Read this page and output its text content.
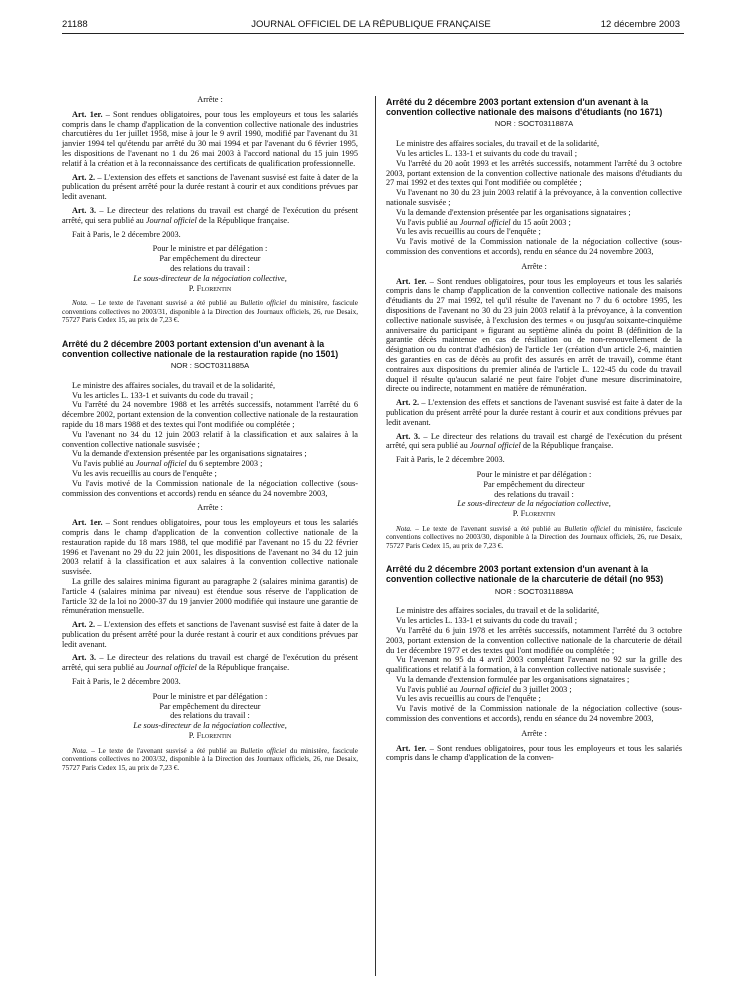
21188	JOURNAL OFFICIEL DE LA RÉPUBLIQUE FRANÇAISE	12 décembre 2003

Arrête :

Art. 1er. – Sont rendues obligatoires, pour tous les employeurs et tous les salariés compris dans le champ d'application de la convention collective nationale des industries charcutières du 1er juillet 1958, mise à jour le 9 avril 1990, modifié par l'avenant du 31 janvier 1994 tel qu'étendu par arrêté du 30 mai 1994 et par l'avenant du 6 février 1995, les dispositions de l'avenant no 1 du 26 mai 2003 à l'accord national du 15 juin 1995 relatif à la création et à la reconnaissance des certificats de qualification professionnelle.

Art. 2. – L'extension des effets et sanctions de l'avenant susvisé est faite à dater de la publication du présent arrêté pour la durée restant à courir et aux conditions prévues par ledit avenant.

Art. 3. – Le directeur des relations du travail est chargé de l'exécution du présent arrêté, qui sera publié au Journal officiel de la République française.

Fait à Paris, le 2 décembre 2003.

Pour le ministre et par délégation :

Par empêchement du directeur

des relations du travail :

Le sous-directeur de la négociation collective,

P. Florentin

Nota. – Le texte de l'avenant susvisé a été publié au Bulletin officiel du ministère, fascicule conventions collectives no 2003/31, disponible à la Direction des Journaux officiels, 26, rue Desaix, 75727 Paris Cedex 15, au prix de 7,23 €.

Arrêté du 2 décembre 2003 portant extension d'un avenant à la convention collective nationale de la restauration rapide (no 1501)

NOR : SOCT0311885A

Le ministre des affaires sociales, du travail et de la solidarité,

Vu les articles L. 133-1 et suivants du code du travail ;

Vu l'arrêté du 24 novembre 1988 et les arrêtés successifs, notamment l'arrêté du 6 décembre 2002, portant extension de la convention collective nationale de la restauration rapide du 18 mars 1988 et des textes qui l'ont modifiée ou complétée ;

Vu l'avenant no 34 du 12 juin 2003 relatif à la classification et aux salaires à la convention collective nationale susvisée ;

Vu la demande d'extension présentée par les organisations signataires ;

Vu l'avis publié au Journal officiel du 6 septembre 2003 ;

Vu les avis recueillis au cours de l'enquête ;

Vu l'avis motivé de la Commission nationale de la négociation collective (sous-commission des conventions et accords) rendu en séance du 24 novembre 2003,

Arrête :

Art. 1er. – Sont rendues obligatoires, pour tous les employeurs et tous les salariés compris dans le champ d'application de la convention collective nationale de la restauration rapide du 18 mars 1988, tel que modifié par l'avenant no 15 du 22 février 1996 et l'avenant no 29 du 22 juin 2001, les dispositions de l'avenant no 34 du 12 juin 2003 relatif à la classification et aux salaires à la convention collective nationale susvisée.

La grille des salaires minima figurant au paragraphe 2 (salaires minima garantis) de l'article 4 (salaires minima par niveau) est étendue sous réserve de l'application de l'article 32 de la loi no 2000-37 du 19 janvier 2000 modifiée qui instaure une garantie de rémunération mensuelle.

Art. 2. – L'extension des effets et sanctions de l'avenant susvisé est faite à dater de la publication du présent arrêté pour la durée restant à courir et aux conditions prévues par ledit avenant.

Art. 3. – Le directeur des relations du travail est chargé de l'exécution du présent arrêté, qui sera publié au Journal officiel de la République française.

Fait à Paris, le 2 décembre 2003.

Pour le ministre et par délégation :

Par empêchement du directeur

des relations du travail :

Le sous-directeur de la négociation collective,

P. Florentin

Nota. – Le texte de l'avenant susvisé a été publié au Bulletin officiel du ministère, fascicule conventions collectives no 2003/32, disponible à la Direction des Journaux officiels, 26, rue Desaix, 75727 Paris Cedex 15, au prix de 7,23 €.

Arrêté du 2 décembre 2003 portant extension d'un avenant à la convention collective nationale des maisons d'étudiants (no 1671)

NOR : SOCT0311887A

Le ministre des affaires sociales, du travail et de la solidarité,

Vu les articles L. 133-1 et suivants du code du travail ;

Vu l'arrêté du 20 août 1993 et les arrêtés successifs, notamment l'arrêté du 3 octobre 2003, portant extension de la convention collective nationale des maisons d'étudiants du 27 mai 1992 et des textes qui l'ont modifiée ou complétée ;

Vu l'avenant no 30 du 23 juin 2003 relatif à la prévoyance, à la convention collective nationale susvisée ;

Vu la demande d'extension présentée par les organisations signataires ;

Vu l'avis publié au Journal officiel du 15 août 2003 ;

Vu les avis recueillis au cours de l'enquête ;

Vu l'avis motivé de la Commission nationale de la négociation collective (sous-commission des conventions et accords), rendu en séance du 24 novembre 2003,

Arrête :

Art. 1er. – Sont rendues obligatoires, pour tous les employeurs et tous les salariés compris dans le champ d'application de la convention collective nationale des maisons d'étudiants du 27 mai 1992, tel qu'il résulte de l'avenant no 7 du 6 octobre 1995, les dispositions de l'avenant no 30 du 23 juin 2003 relatif à la prévoyance, à la convention collective nationale susvisée, à l'exclusion des termes « ou jusqu'au soixante-cinquième anniversaire du participant » figurant au septième alinéa du point B (définition de la garantie décès maintenue en cas de résiliation ou de non-renouvellement de la désignation ou du contrat d'adhésion) de l'article 1er (création d'un article 2-6, maintien des garanties en cas de décès au profit des assurés en arrêt de travail), comme étant contraires aux dispositions du premier alinéa de l'article L. 122-45 du code du travail duquel il résulte qu'aucun salarié ne peut faire l'objet d'une mesure discriminatoire, directe ou indirecte, notamment en matière de rémunération.

Art. 2. – L'extension des effets et sanctions de l'avenant susvisé est faite à dater de la publication du présent arrêté pour la durée restant à courir et aux conditions prévues par ledit avenant.

Art. 3. – Le directeur des relations du travail est chargé de l'exécution du présent arrêté, qui sera publié au Journal officiel de la République française.

Fait à Paris, le 2 décembre 2003.

Pour le ministre et par délégation :

Par empêchement du directeur

des relations du travail :

Le sous-directeur de la négociation collective,

P. Florentin

Nota. – Le texte de l'avenant susvisé a été publié au Bulletin officiel du ministère, fascicule conventions collectives no 2003/30, disponible à la Direction des Journaux officiels, 26, rue Desaix, 75727 Paris Cedex 15, au prix de 7,23 €.

Arrêté du 2 décembre 2003 portant extension d'un avenant à la convention collective nationale de la charcuterie de détail (no 953)

NOR : SOCT0311889A

Le ministre des affaires sociales, du travail et de la solidarité,

Vu les articles L. 133-1 et suivants du code du travail ;

Vu l'arrêté du 6 juin 1978 et les arrêtés successifs, notamment l'arrêté du 3 octobre 2003, portant extension de la convention collective nationale de la charcuterie de détail du 1er décembre 1977 et des textes qui l'ont modifiée ou complétée ;

Vu l'avenant no 95 du 4 avril 2003 complétant l'avenant no 92 sur la grille des qualifications et relatif à la formation, à la convention collective nationale susvisée ;

Vu la demande d'extension formulée par les organisations signataires ;

Vu l'avis publié au Journal officiel du 3 juillet 2003 ;

Vu les avis recueillis au cours de l'enquête ;

Vu l'avis motivé de la Commission nationale de la négociation collective (sous-commission des conventions et accords), rendu en séance du 24 novembre 2003,

Arrête :

Art. 1er. – Sont rendues obligatoires, pour tous les employeurs et tous les salariés compris dans le champ d'application de la conven-
